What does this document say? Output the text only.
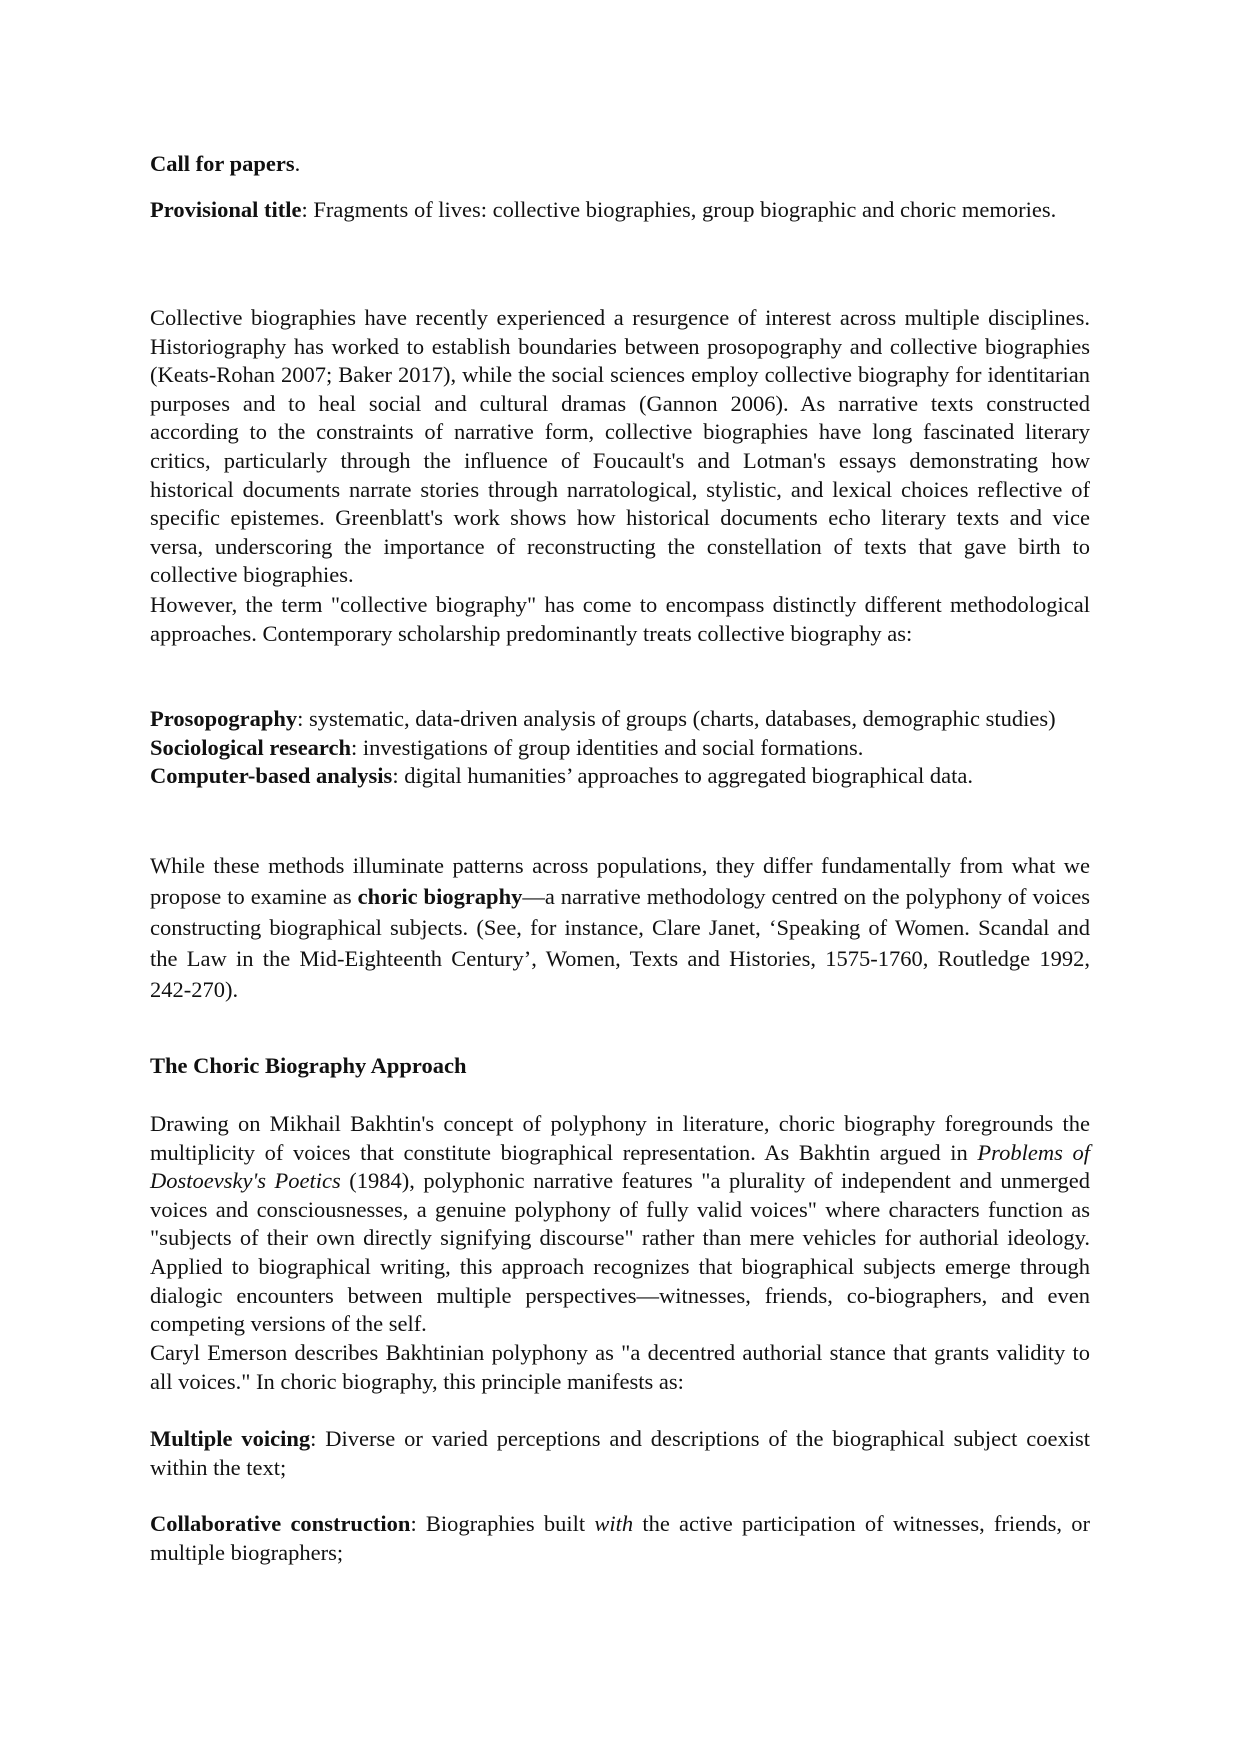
Call for papers.

Provisional title: Fragments of lives: collective biographies, group biographic and choric memories.

Collective biographies have recently experienced a resurgence of interest across multiple disciplines. Historiography has worked to establish boundaries between prosopography and collective biographies (Keats-Rohan 2007; Baker 2017), while the social sciences employ collective biography for identitarian purposes and to heal social and cultural dramas (Gannon 2006). As narrative texts constructed according to the constraints of narrative form, collective biographies have long fascinated literary critics, particularly through the influence of Foucault's and Lotman's essays demonstrating how historical documents narrate stories through narratological, stylistic, and lexical choices reflective of specific epistemes. Greenblatt's work shows how historical documents echo literary texts and vice versa, underscoring the importance of reconstructing the constellation of texts that gave birth to collective biographies.

However, the term "collective biography" has come to encompass distinctly different methodological approaches. Contemporary scholarship predominantly treats collective biography as:

Prosopography: systematic, data-driven analysis of groups (charts, databases, demographic studies)
Sociological research: investigations of group identities and social formations.
Computer-based analysis: digital humanities’ approaches to aggregated biographical data.

While these methods illuminate patterns across populations, they differ fundamentally from what we propose to examine as choric biography—a narrative methodology centred on the polyphony of voices constructing biographical subjects. (See, for instance, Clare Janet, ‘Speaking of Women. Scandal and the Law in the Mid-Eighteenth Century’, Women, Texts and Histories, 1575-1760, Routledge 1992, 242-270).

The Choric Biography Approach

Drawing on Mikhail Bakhtin's concept of polyphony in literature, choric biography foregrounds the multiplicity of voices that constitute biographical representation. As Bakhtin argued in Problems of Dostoevsky's Poetics (1984), polyphonic narrative features "a plurality of independent and unmerged voices and consciousnesses, a genuine polyphony of fully valid voices" where characters function as "subjects of their own directly signifying discourse" rather than mere vehicles for authorial ideology. Applied to biographical writing, this approach recognizes that biographical subjects emerge through dialogic encounters between multiple perspectives—witnesses, friends, co-biographers, and even competing versions of the self.

Caryl Emerson describes Bakhtinian polyphony as "a decentred authorial stance that grants validity to all voices." In choric biography, this principle manifests as:

Multiple voicing: Diverse or varied perceptions and descriptions of the biographical subject coexist within the text;

Collaborative construction: Biographies built with the active participation of witnesses, friends, or multiple biographers;
